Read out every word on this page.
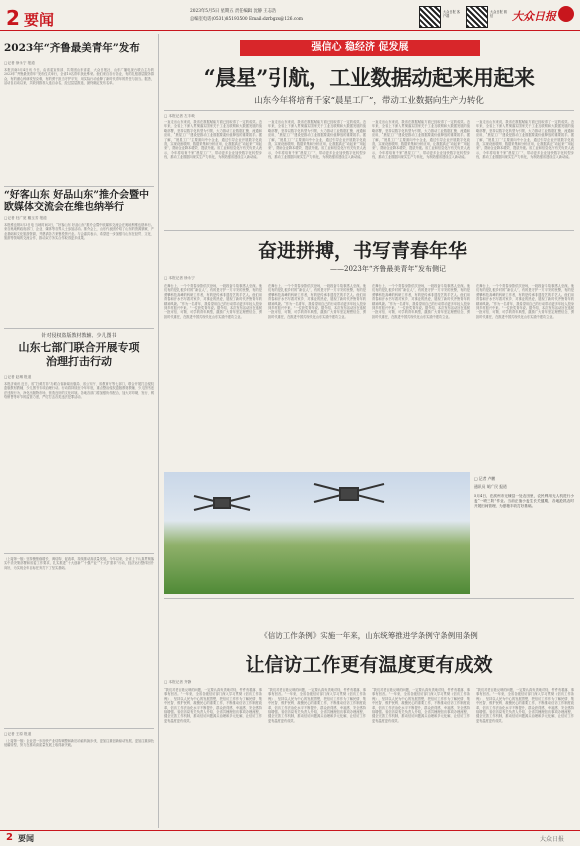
2 要闻	2023年5月5日 星期五 责任编辑 沈静 王志浩
总编室电话(0531)85193500 Email:dzrbgzs@126.com
大众日报 客户端
大众日报 微信	大众日报
2023年“齐鲁最美青年”发布
□记者 徐永宁 报道
本报济南5月4日讯 今日，由省委宣传部、共青团山东省委、大众日报社、山东广播电视台联合主办的2023年“齐鲁最美青年”发布仪式举行，全省10名青年获此殊荣。他们来自各行各业，有的扎根基层服务群众，有的潜心科研攻坚克难，有的勇于担当守护平安，用实际行动诠释了新时代青年的责任与担当。据悉，活动自启动以来，共收到推荐人选百余名，经过层层推选，最终确定发布名单。
“好客山东 好品山东”推介会暨中欧媒体交流会在维也纳举行
□记者 杜广宽 戴玉芳 报道
本报维也纳5月3日电 当地时间3日，“好客山东 好品山东”推介会暨中欧媒体交流会在奥地利维也纳举行。来自奥地利政府部门、企业、媒体等各界人士参加活动。推介会上，山东代表团介绍了山东的资源禀赋、产业基础和文化旅游资源，并邀请各方来鲁投资兴业。与会嘉宾表示，希望进一步加强与山东在经贸、文化、旅游等领域的交流合作，推动双方务实合作取得更多成果。
针对侵权盗版教材教辅、少儿图书
山东七部门联合开展专项治理打击行动
□记者 赵琳 报道
本报济南讯 近日，省“扫黄打非”办联合省新闻出版局、省公安厅、省教育厅等七部门，联合开展打击侵权盗版教材教辅、少儿图书专项治理行动。行动将持续至今年年底，重点整治侵权盗版教材教辅、少儿图书违法违规行为，净化出版物市场，营造良好的文化环境。各地各部门将加强协作配合，加大对印刷、发行、网络销售等环节的监管力度，严厉打击各类违法犯罪活动。
（上接第一版）坚持聚焦稳增长、调结构、促改革，持续推动高质量发展。今年以来，全省上下认真贯彻落实中央决策部署和省委工作要求，扎实推进“十大创新”“十强产业”“十大扩需求”行动，经济运行整体回升向好，为实现全年目标任务打下了坚实基础。
□记者 王原 报道
（上接第一版）企业进一步加快产业结构调整和新旧动能转换步伐，更加注重创新驱动发展，更加注重绿色低碳转型，努力在推动高质量发展上取得新突破。
强信心 稳经济 促发展
“晨星”引航，工业数据动起来用起来
山东今年将培育千家“晨星工厂”，带动工业数据向生产力转化
□ 本报记者 左丰岐
一直走出山东来说，我省在数据赋能方面已经取得了一定的成效。近年来，全省上下深入贯彻落实国家关于工业互联网和大数据发展的战略部署，坚持以数字化转型为引领，大力推动工业数据汇聚、流通和应用，“晨星工厂”建设是推动工业数据要素价值释放的重要抓手。据了解，“晨星工厂”主要面向中小企业，通过引导企业开展数字化改造，实现设备联网、数据采集和分析应用，让数据真正“动起来”“用起来”，帮助企业降本增效、提质升级。省工业和信息化厅有关负责人表示，今年将培育千家“晨星工厂”，带动更多企业加快数字化转型步伐，推动工业数据向现实生产力转化，为制造强省建设注入新动能。
一直走出山东来说，我省在数据赋能方面已经取得了一定的成效。近年来，全省上下深入贯彻落实国家关于工业互联网和大数据发展的战略部署，坚持以数字化转型为引领，大力推动工业数据汇聚、流通和应用，“晨星工厂”建设是推动工业数据要素价值释放的重要抓手。据了解，“晨星工厂”主要面向中小企业，通过引导企业开展数字化改造，实现设备联网、数据采集和分析应用，让数据真正“动起来”“用起来”，帮助企业降本增效、提质升级。省工业和信息化厅有关负责人表示，今年将培育千家“晨星工厂”，带动更多企业加快数字化转型步伐，推动工业数据向现实生产力转化，为制造强省建设注入新动能。
一直走出山东来说，我省在数据赋能方面已经取得了一定的成效。近年来，全省上下深入贯彻落实国家关于工业互联网和大数据发展的战略部署，坚持以数字化转型为引领，大力推动工业数据汇聚、流通和应用，“晨星工厂”建设是推动工业数据要素价值释放的重要抓手。据了解，“晨星工厂”主要面向中小企业，通过引导企业开展数字化改造，实现设备联网、数据采集和分析应用，让数据真正“动起来”“用起来”，帮助企业降本增效、提质升级。省工业和信息化厅有关负责人表示，今年将培育千家“晨星工厂”，带动更多企业加快数字化转型步伐，推动工业数据向现实生产力转化，为制造强省建设注入新动能。
一直走出山东来说，我省在数据赋能方面已经取得了一定的成效。近年来，全省上下深入贯彻落实国家关于工业互联网和大数据发展的战略部署，坚持以数字化转型为引领，大力推动工业数据汇聚、流通和应用，“晨星工厂”建设是推动工业数据要素价值释放的重要抓手。据了解，“晨星工厂”主要面向中小企业，通过引导企业开展数字化改造，实现设备联网、数据采集和分析应用，让数据真正“动起来”“用起来”，帮助企业降本增效、提质升级。省工业和信息化厅有关负责人表示，今年将培育千家“晨星工厂”，带动更多企业加快数字化转型步伐，推动工业数据向现实生产力转化，为制造强省建设注入新动能。
奋进拼搏，书写青春年华
——2023年“齐鲁最美青年”发布侧记
□ 本报记者 徐永宁
在舞台上，一个个青春身影依次登场，一段段奋斗故事感人至深。他们有的是扎根乡村的“新农人”，有的是守护一方平安的民警，有的是勇攀科技高峰的科研工作者，有的是传承非遗技艺的手艺人。他们用青春和汗水书写着对家乡、对事业的热爱，展现了新时代齐鲁青年的精神风貌。“作为一名青年，我希望用自己的行动带动更多年轻人投身到乡村振兴中来。”一位获奖青年说。据介绍，本次发布活动旨在选树一批可信、可敬、可学的青年典型，激励广大青年坚定理想信念、勇担时代重任，在推进中国式现代化山东实践中建功立业。
在舞台上，一个个青春身影依次登场，一段段奋斗故事感人至深。他们有的是扎根乡村的“新农人”，有的是守护一方平安的民警，有的是勇攀科技高峰的科研工作者，有的是传承非遗技艺的手艺人。他们用青春和汗水书写着对家乡、对事业的热爱，展现了新时代齐鲁青年的精神风貌。“作为一名青年，我希望用自己的行动带动更多年轻人投身到乡村振兴中来。”一位获奖青年说。据介绍，本次发布活动旨在选树一批可信、可敬、可学的青年典型，激励广大青年坚定理想信念、勇担时代重任，在推进中国式现代化山东实践中建功立业。
在舞台上，一个个青春身影依次登场，一段段奋斗故事感人至深。他们有的是扎根乡村的“新农人”，有的是守护一方平安的民警，有的是勇攀科技高峰的科研工作者，有的是传承非遗技艺的手艺人。他们用青春和汗水书写着对家乡、对事业的热爱，展现了新时代齐鲁青年的精神风貌。“作为一名青年，我希望用自己的行动带动更多年轻人投身到乡村振兴中来。”一位获奖青年说。据介绍，本次发布活动旨在选树一批可信、可敬、可学的青年典型，激励广大青年坚定理想信念、勇担时代重任，在推进中国式现代化山东实践中建功立业。
在舞台上，一个个青春身影依次登场，一段段奋斗故事感人至深。他们有的是扎根乡村的“新农人”，有的是守护一方平安的民警，有的是勇攀科技高峰的科研工作者，有的是传承非遗技艺的手艺人。他们用青春和汗水书写着对家乡、对事业的热爱，展现了新时代齐鲁青年的精神风貌。“作为一名青年，我希望用自己的行动带动更多年轻人投身到乡村振兴中来。”一位获奖青年说。据介绍，本次发布活动旨在选树一批可信、可敬、可学的青年典型，激励广大青年坚定理想信念、勇担时代重任，在推进中国式现代化山东实践中建功立业。
□ 记者 卢鹏
通讯员 胡广民 报道
5月4日，在滨州市无棣县一处农田里，农民利用无人机进行小麦“一喷三防”作业。当前正值小麦生长关键期，各地抢抓农时开展田间管理，为夏粮丰收打好基础。
《信访工作条例》实施一年来，山东统筹推进学条例守条例用条例
让信访工作更有温度更有成效
□ 本报记者 齐静
“我们对老百姓反映的问题，一定要认真负责地对待，件件有着落、事事有回音。”一年来，全省各级信访部门深入学习贯彻《信访工作条例》，坚持以人民为中心的发展思想，把信访工作作为了解民情、集中民智、维护民利、凝聚民心的重要工作，不断推动信访工作制度改革，信访工作法治化水平不断提升，群众获得感、幸福感、安全感持续增强。省信访局有关负责人介绍，全省共梳理信访事项办理流程，健全完善工作机制，推动信访问题源头治理和多元化解，让信访工作更有温度更有成效。
“我们对老百姓反映的问题，一定要认真负责地对待，件件有着落、事事有回音。”一年来，全省各级信访部门深入学习贯彻《信访工作条例》，坚持以人民为中心的发展思想，把信访工作作为了解民情、集中民智、维护民利、凝聚民心的重要工作，不断推动信访工作制度改革，信访工作法治化水平不断提升，群众获得感、幸福感、安全感持续增强。省信访局有关负责人介绍，全省共梳理信访事项办理流程，健全完善工作机制，推动信访问题源头治理和多元化解，让信访工作更有温度更有成效。
“我们对老百姓反映的问题，一定要认真负责地对待，件件有着落、事事有回音。”一年来，全省各级信访部门深入学习贯彻《信访工作条例》，坚持以人民为中心的发展思想，把信访工作作为了解民情、集中民智、维护民利、凝聚民心的重要工作，不断推动信访工作制度改革，信访工作法治化水平不断提升，群众获得感、幸福感、安全感持续增强。省信访局有关负责人介绍，全省共梳理信访事项办理流程，健全完善工作机制，推动信访问题源头治理和多元化解，让信访工作更有温度更有成效。
“我们对老百姓反映的问题，一定要认真负责地对待，件件有着落、事事有回音。”一年来，全省各级信访部门深入学习贯彻《信访工作条例》，坚持以人民为中心的发展思想，把信访工作作为了解民情、集中民智、维护民利、凝聚民心的重要工作，不断推动信访工作制度改革，信访工作法治化水平不断提升，群众获得感、幸福感、安全感持续增强。省信访局有关负责人介绍，全省共梳理信访事项办理流程，健全完善工作机制，推动信访问题源头治理和多元化解，让信访工作更有温度更有成效。
2 要闻	大众日报
